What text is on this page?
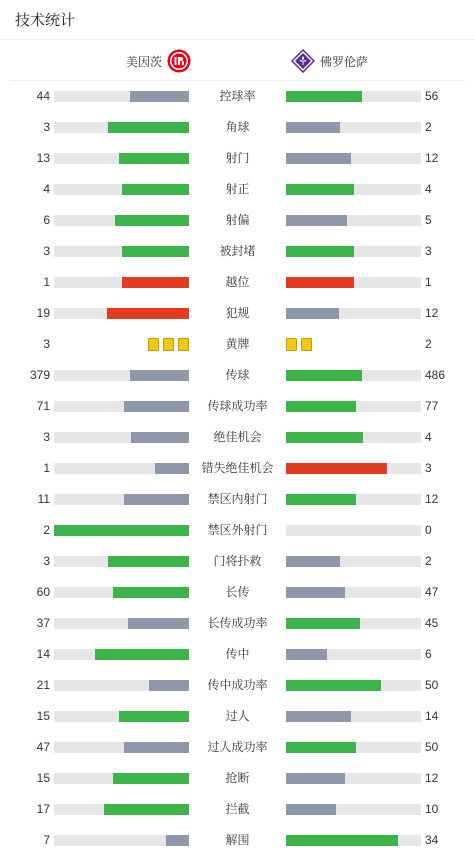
技术统计
美因茨	佛罗伦萨
44	控球率	56
3	角球	2
13	射门	12
4	射正	4
6	射偏	5
3	被封堵	3
1	越位	1
19	犯规	12
3	黄牌	2
379	传球	486
71	传球成功率	77
3	绝佳机会	4
1	错失绝佳机会	3
11	禁区内射门	12
2	禁区外射门	0
3	门将扑救	2
60	长传	47
37	长传成功率	45
14	传中	6
21	传中成功率	50
15	过人	14
47	过人成功率	50
15	抢断	12
17	拦截	10
7	解围	34
